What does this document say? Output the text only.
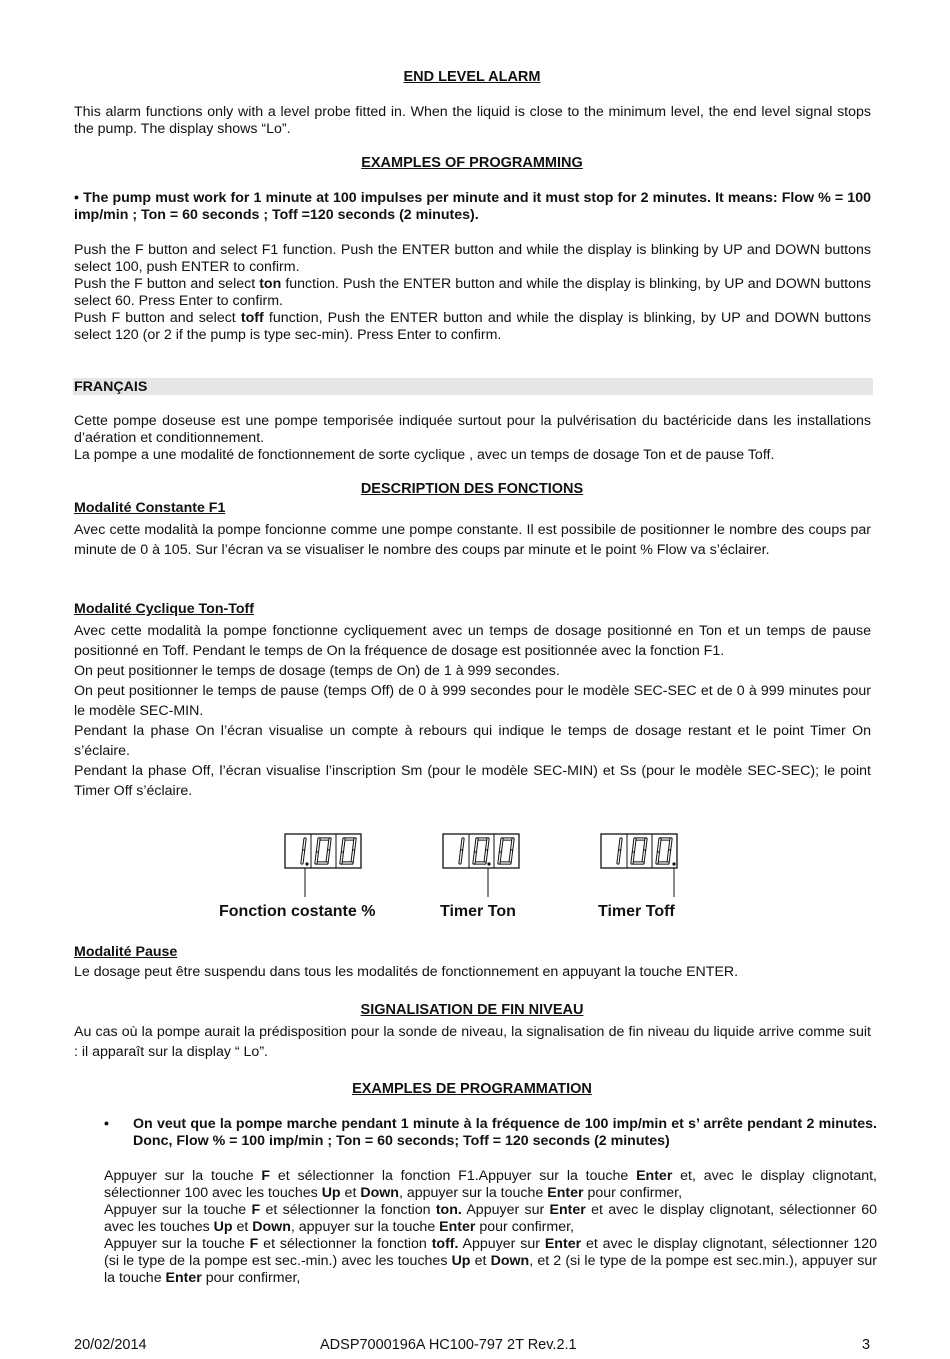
END LEVEL ALARM
This alarm functions only with a level probe fitted in. When the liquid is close to the minimum level, the end level signal stops the pump. The display shows “Lo”.
EXAMPLES OF PROGRAMMING
• The pump must work for 1 minute at 100 impulses per minute and it must stop for 2 minutes. It means: Flow % = 100 imp/min ; Ton = 60 seconds ; Toff =120 seconds (2 minutes).

Push the F button and select F1 function. Push the ENTER button and while the display is blinking by UP and DOWN buttons select 100, push ENTER to confirm.

Push the F button and select ton function. Push the ENTER button and while the display is blinking, by UP and DOWN buttons select 60. Press Enter to confirm.

Push F button and select toff function, Push the ENTER button and while the display is blinking, by UP and DOWN buttons select 120 (or 2 if the pump is type sec-min). Press Enter to confirm.

FRANÇAIS

Cette pompe doseuse est une pompe temporisée indiquée surtout pour la pulvérisation du bactéricide dans les installations d’aération et conditionnement.

La pompe a une modalité de fonctionnement de sorte cyclique , avec un temps de dosage Ton et de pause Toff.

DESCRIPTION DES FONCTIONS
Modalité Constante F1
Avec cette modalità la pompe foncionne comme une pompe constante. Il est possibile de positionner le nombre des coups par minute de 0 à 105. Sur l’écran va se visualiser le nombre des coups par minute et le point % Flow va s’éclairer.
Modalité Cyclique Ton-Toff

Avec cette modalità la pompe fonctionne cycliquement avec un temps de dosage positionné en Ton et un temps de pause positionné en Toff. Pendant le temps de On la fréquence de dosage est positionnée avec la fonction F1.

On peut positionner le temps de dosage (temps de On) de 1 à 999 secondes.

On peut positionner le temps de pause (temps Off) de 0 à 999 secondes pour le modèle SEC-SEC et de 0 à 999 minutes pour le modèle SEC-MIN.

Pendant la phase On l’écran visualise un compte à rebours qui indique le temps de dosage restant et le point Timer On s’éclaire.

Pendant la phase Off, l’écran visualise l’inscription Sm (pour le modèle SEC-MIN) et Ss (pour le modèle SEC-SEC); le point Timer Off s’éclaire.

Fonction costante %	Timer Ton	Timer Toff
Modalité Pause
Le dosage peut être suspendu dans tous les modalités de fonctionnement en appuyant la touche ENTER.
SIGNALISATION DE FIN NIVEAU
Au cas où la pompe aurait la prédisposition pour la sonde de niveau, la signalisation de fin niveau du liquide arrive comme suit : il apparaît sur la display “ Lo”.
EXAMPLES DE PROGRAMMATION
• On veut que la pompe marche pendant 1 minute à la fréquence de 100 imp/min et s’ arrête pendant 2 minutes. Donc, Flow % = 100 imp/min ; Ton = 60 seconds; Toff = 120 seconds (2 minutes)

Appuyer sur la touche F et sélectionner la fonction F1.Appuyer sur la touche Enter et, avec le display clignotant, sélectionner 100 avec les touches Up et Down, appuyer sur la touche Enter pour confirmer,

Appuyer sur la touche F et sélectionner la fonction ton. Appuyer sur Enter et avec le display clignotant, sélectionner 60 avec les touches Up et Down, appuyer sur la touche Enter pour confirmer,

Appuyer sur la touche F et sélectionner la fonction toff. Appuyer sur Enter et avec le display clignotant, sélectionner 120 (si le type de la pompe est sec.-min.) avec les touches Up et Down, et 2 (si le type de la pompe est sec.min.), appuyer sur la touche Enter pour confirmer,

20/02/2014	ADSP7000196A HC100-797 2T Rev.2.1	3
